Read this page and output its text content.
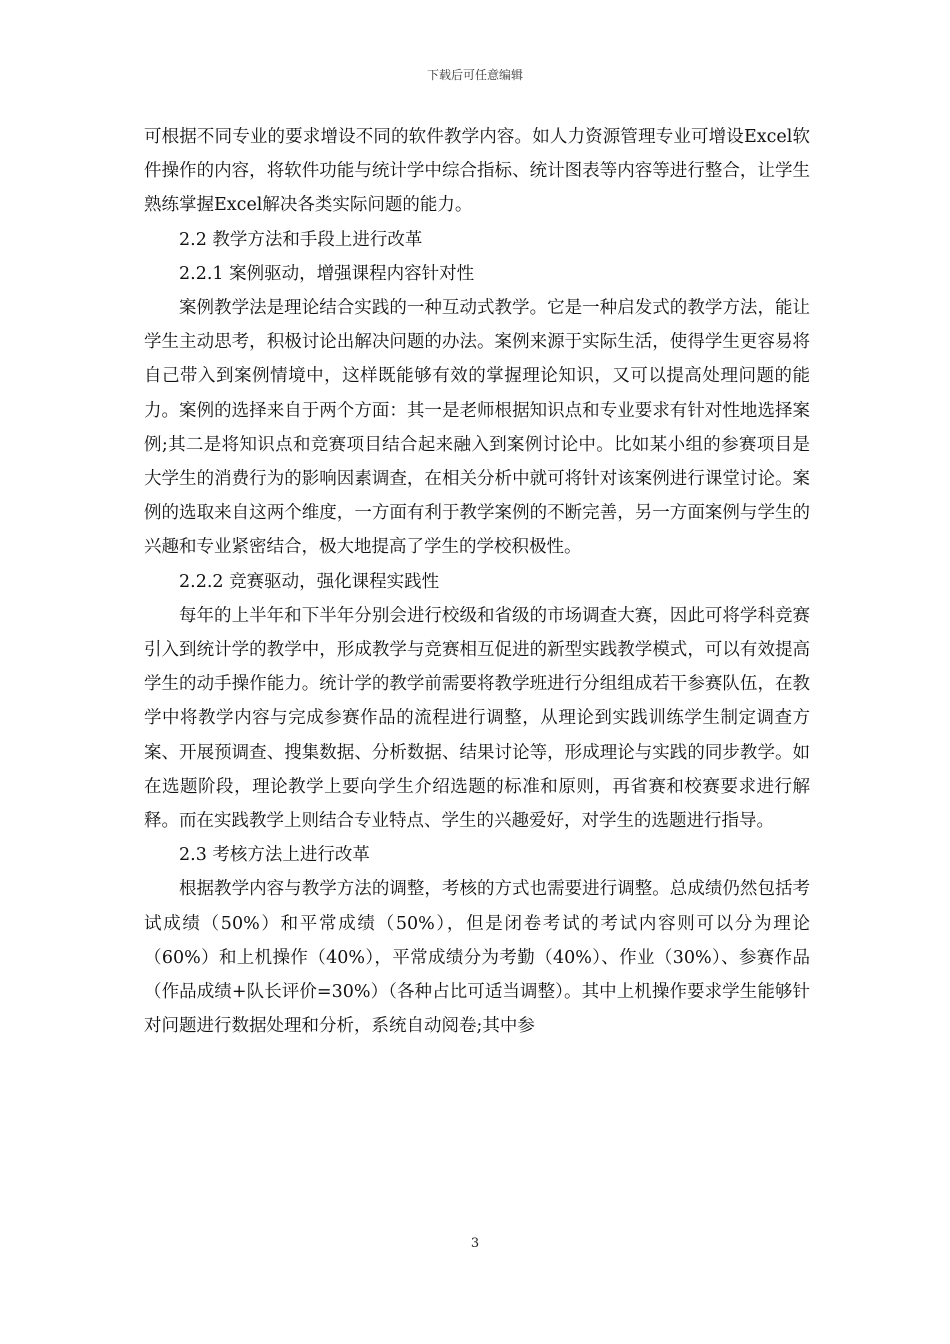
下载后可任意编辑

可根据不同专业的要求增设不同的软件教学内容。如人力资源管理专业可增设Excel软件操作的内容，将软件功能与统计学中综合指标、统计图表等内容等进行整合，让学生熟练掌握Excel解决各类实际问题的能力。

2.2 教学方法和手段上进行改革

2.2.1 案例驱动，增强课程内容针对性

案例教学法是理论结合实践的一种互动式教学。它是一种启发式的教学方法，能让学生主动思考，积极讨论出解决问题的办法。案例来源于实际生活，使得学生更容易将自己带入到案例情境中，这样既能够有效的掌握理论知识，又可以提高处理问题的能力。案例的选择来自于两个方面：其一是老师根据知识点和专业要求有针对性地选择案例;其二是将知识点和竞赛项目结合起来融入到案例讨论中。比如某小组的参赛项目是大学生的消费行为的影响因素调查，在相关分析中就可将针对该案例进行课堂讨论。案例的选取来自这两个维度，一方面有利于教学案例的不断完善，另一方面案例与学生的兴趣和专业紧密结合，极大地提高了学生的学校积极性。

2.2.2 竞赛驱动，强化课程实践性

每年的上半年和下半年分别会进行校级和省级的市场调查大赛，因此可将学科竞赛引入到统计学的教学中，形成教学与竞赛相互促进的新型实践教学模式，可以有效提高学生的动手操作能力。统计学的教学前需要将教学班进行分组组成若干参赛队伍，在教学中将教学内容与完成参赛作品的流程进行调整，从理论到实践训练学生制定调查方案、开展预调查、搜集数据、分析数据、结果讨论等，形成理论与实践的同步教学。如在选题阶段，理论教学上要向学生介绍选题的标准和原则，再省赛和校赛要求进行解释。而在实践教学上则结合专业特点、学生的兴趣爱好，对学生的选题进行指导。

2.3 考核方法上进行改革

根据教学内容与教学方法的调整，考核的方式也需要进行调整。总成绩仍然包括考试成绩（50%）和平常成绩（50%），但是闭卷考试的考试内容则可以分为理论（60%）和上机操作（40%），平常成绩分为考勤（40%）、作业（30%）、参赛作品（作品成绩+队长评价=30%）（各种占比可适当调整）。其中上机操作要求学生能够针对问题进行数据处理和分析，系统自动阅卷;其中参

3
